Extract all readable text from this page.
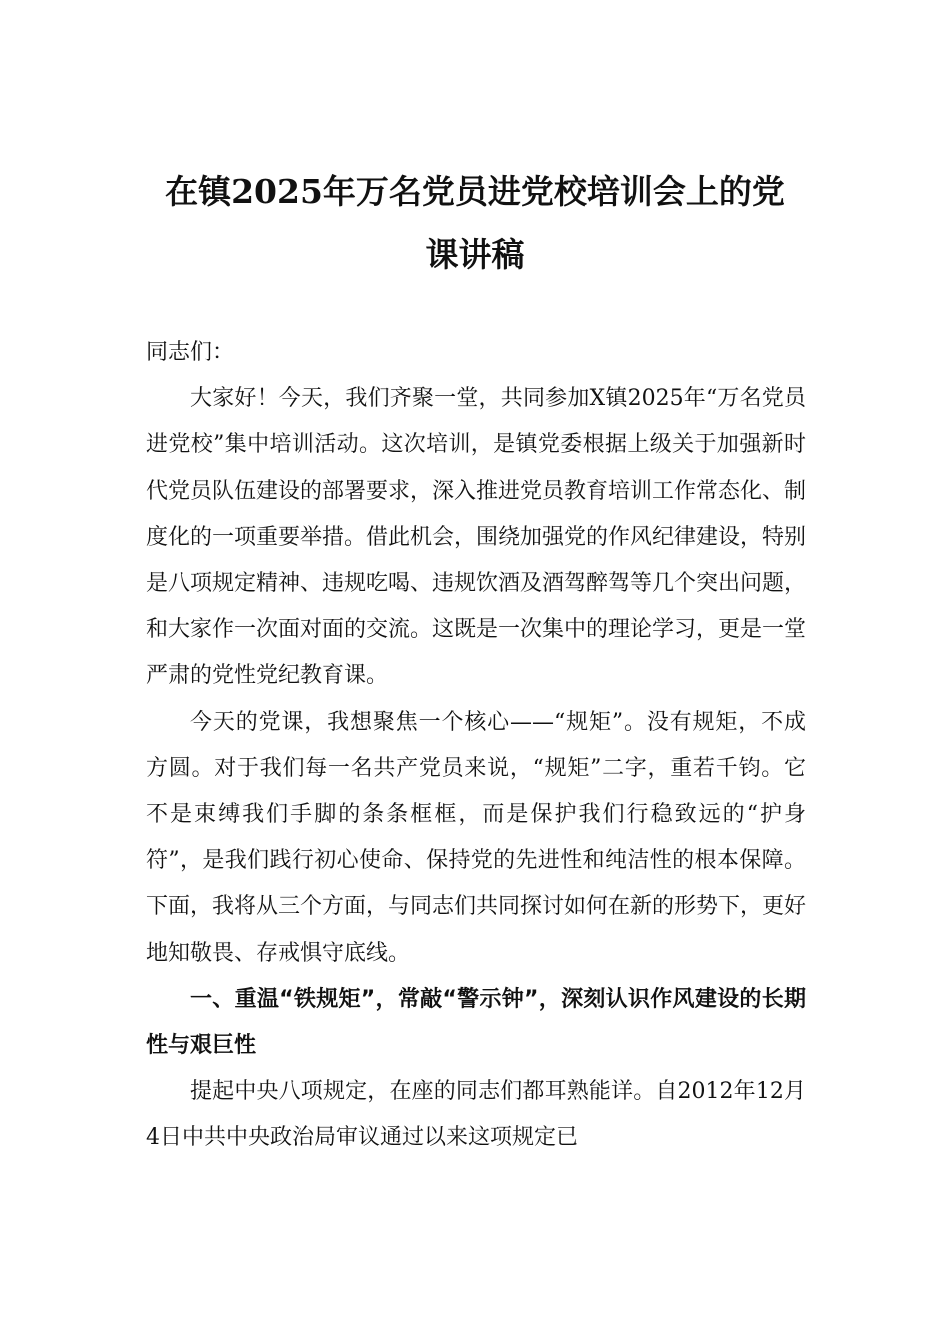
在镇2025年万名党员进党校培训会上的党
课讲稿

同志们：

大家好！今天，我们齐聚一堂，共同参加X镇2025年“万名党员进党校”集中培训活动。这次培训，是镇党委根据上级关于加强新时代党员队伍建设的部署要求，深入推进党员教育培训工作常态化、制度化的一项重要举措。借此机会，围绕加强党的作风纪律建设，特别是八项规定精神、违规吃喝、违规饮酒及酒驾醉驾等几个突出问题，和大家作一次面对面的交流。这既是一次集中的理论学习，更是一堂严肃的党性党纪教育课。

今天的党课，我想聚焦一个核心——“规矩”。没有规矩，不成方圆。对于我们每一名共产党员来说，“规矩”二字，重若千钧。它不是束缚我们手脚的条条框框，而是保护我们行稳致远的“护身符”，是我们践行初心使命、保持党的先进性和纯洁性的根本保障。下面，我将从三个方面，与同志们共同探讨如何在新的形势下，更好地知敬畏、存戒惧守底线。

一、重温“铁规矩”，常敲“警示钟”，深刻认识作风建设的长期性与艰巨性

提起中央八项规定，在座的同志们都耳熟能详。自2012年12月4日中共中央政治局审议通过以来这项规定已
